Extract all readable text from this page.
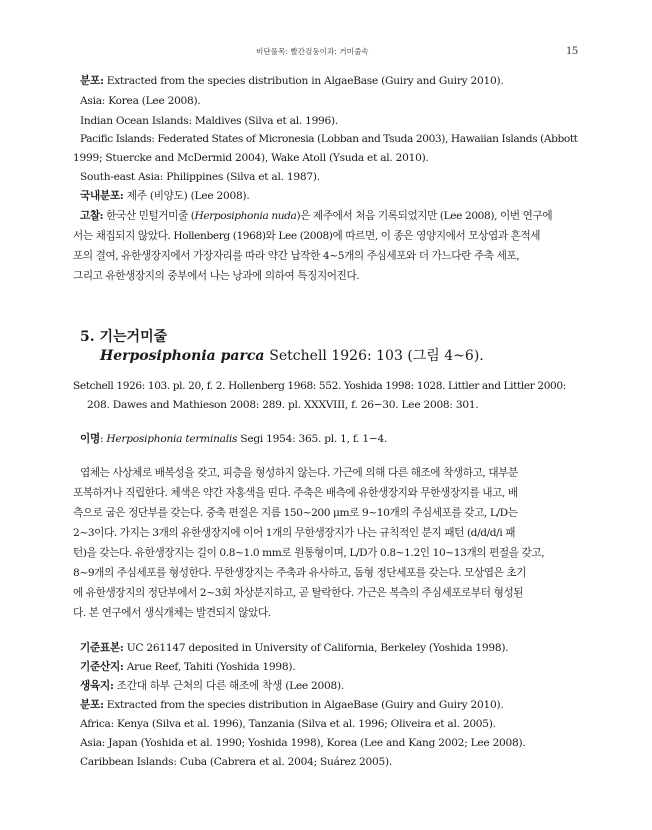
비단풀목: 빨간검둥이과: 거미줄속	15
분포: Extracted from the species distribution in AlgaeBase (Guiry and Guiry 2010).
Asia: Korea (Lee 2008).
Indian Ocean Islands: Maldives (Silva et al. 1996).
Pacific Islands: Federated States of Micronesia (Lobban and Tsuda 2003), Hawaiian Islands (Abbott
1999; Stuercke and McDermid 2004), Wake Atoll (Ysuda et al. 2010).
South-east Asia: Philippines (Silva et al. 1987).
국내분포: 제주 (비양도) (Lee 2008).
고찰: 한국산 민털거미줄 (Herposiphonia nuda)은 제주에서 처음 기록되었지만 (Lee 2008), 이번 연구에
서는 채집되지 않았다. Hollenberg (1968)와 Lee (2008)에 따르면, 이 종은 영양지에서 모상엽과 흔적세
포의 결여, 유한생장지에서 가장자리를 따라 약간 납작한 4~5개의 주심세포와 더 가느다란 주축 세포,
그리고 유한생장지의 중부에서 나는 낭과에 의하여 특징지어진다.
5. 기는거미줄
Herposiphonia parca Setchell 1926: 103 (그림 4~6).
Setchell 1926: 103. pl. 20, f. 2. Hollenberg 1968: 552. Yoshida 1998: 1028. Littler and Littler 2000:
208. Dawes and Mathieson 2008: 289. pl. XXXVIII, f. 26−30. Lee 2008: 301.
이명: Herposiphonia terminalis Segi 1954: 365. pl. 1, f. 1−4.
엽체는 사상체로 배복성을 갖고, 피층을 형성하지 않는다. 가근에 의해 다른 해조에 착생하고, 대부분
포복하거나 직립한다. 체색은 약간 자홍색을 띤다. 주축은 배측에 유한생장지와 무한생장지를 내고, 배
측으로 굽은 정단부를 갖는다. 중축 편절은 지름 150~200 μm로 9~10개의 주심세포를 갖고, L/D는
2~3이다. 가지는 3개의 유한생장지에 이어 1개의 무한생장지가 나는 규칙적인 분지 패턴 (d/d/d/i 패
턴)을 갖는다. 유한생장지는 길이 0.8~1.0 mm로 원통형이며, L/D가 0.8~1.2인 10~13개의 편절을 갖고,
8~9개의 주심세포를 형성한다. 무한생장지는 주축과 유사하고, 돔형 정단세포를 갖는다. 모상엽은 초기
에 유한생장지의 정단부에서 2~3회 차상분지하고, 곧 탈락한다. 가근은 복측의 주심세포로부터 형성된
다. 본 연구에서 생식개체는 발견되지 않았다.
기준표본: UC 261147 deposited in University of California, Berkeley (Yoshida 1998).
기준산지: Arue Reef, Tahiti (Yoshida 1998).
생육지: 조간대 하부 근처의 다른 해조에 착생 (Lee 2008).
분포: Extracted from the species distribution in AlgaeBase (Guiry and Guiry 2010).
Africa: Kenya (Silva et al. 1996), Tanzania (Silva et al. 1996; Oliveira et al. 2005).
Asia: Japan (Yoshida et al. 1990; Yoshida 1998), Korea (Lee and Kang 2002; Lee 2008).
Caribbean Islands: Cuba (Cabrera et al. 2004; Suárez 2005).
